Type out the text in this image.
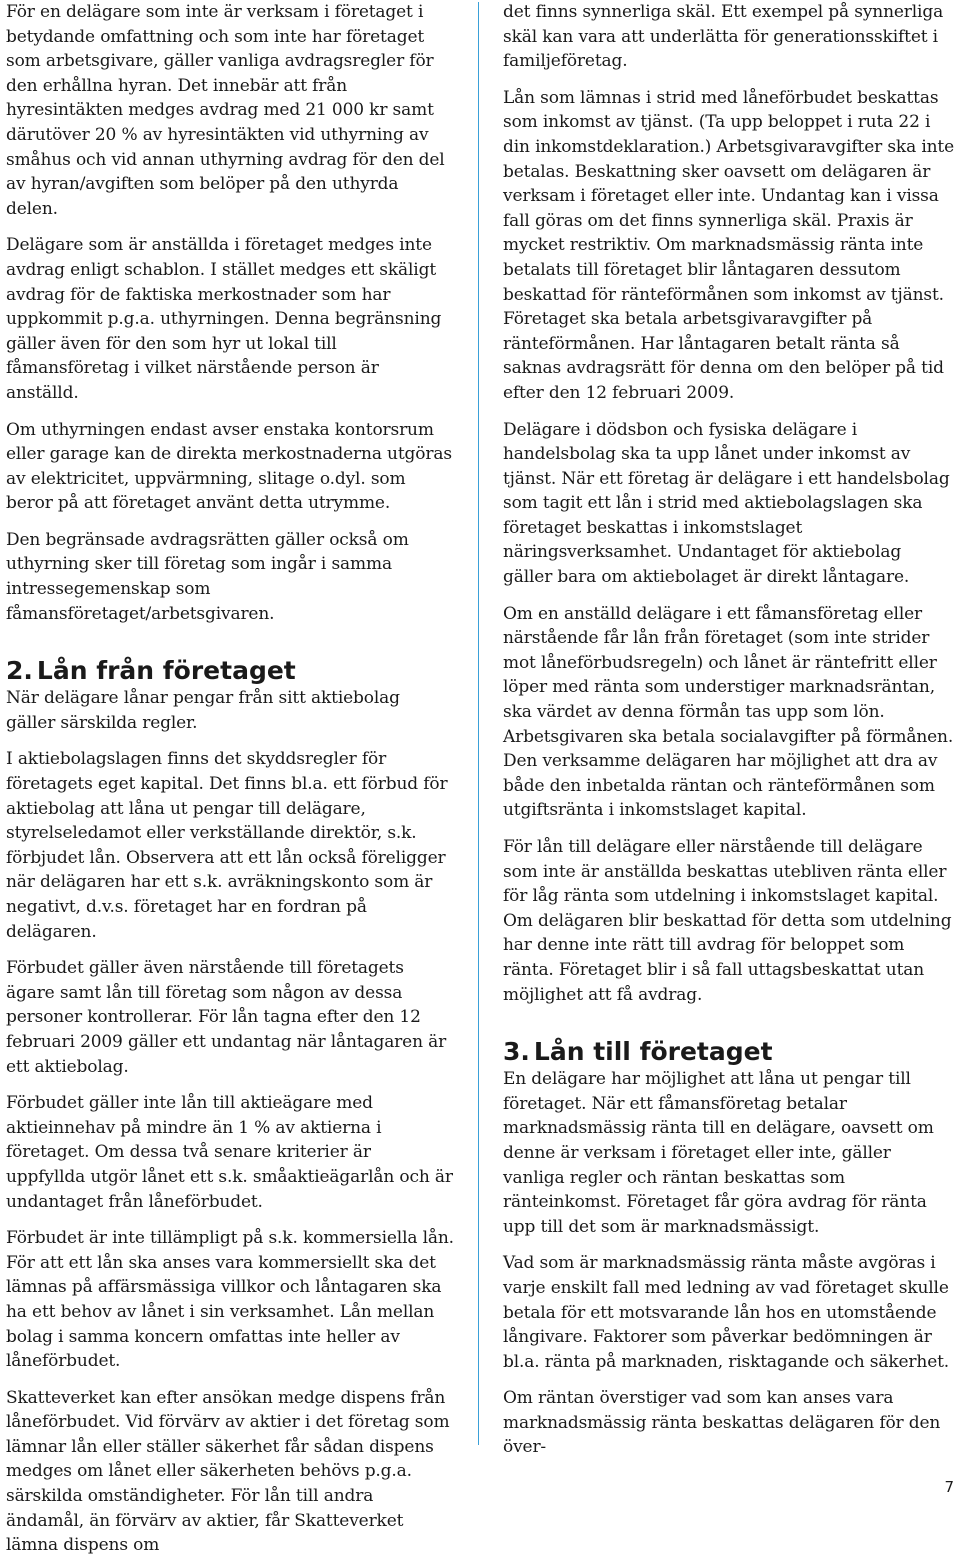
För en delägare som inte är verksam i företaget i betydande omfattning och som inte har företaget som arbetsgivare, gäller vanliga avdragsregler för den erhållna hyran. Det innebär att från hyresintäkten medges avdrag med 21 000 kr samt därutöver 20 % av hyresintäkten vid uthyrning av småhus och vid annan uthyrning avdrag för den del av hyran/avgiften som belöper på den uthyrda delen.

Delägare som är anställda i företaget medges inte avdrag enligt schablon. I stället medges ett skäligt avdrag för de faktiska merkostnader som har uppkommit p.g.a. uthyrningen. Denna begränsning gäller även för den som hyr ut lokal till fåmansföretag i vilket närstående person är anställd.

Om uthyrningen endast avser enstaka kontorsrum eller garage kan de direkta merkostnaderna utgöras av elektricitet, uppvärmning, slitage o.dyl. som beror på att företaget använt detta utrymme.

Den begränsade avdragsrätten gäller också om uthyrning sker till företag som ingår i samma intressegemenskap som fåmansföretaget/arbetsgivaren.

2. Lån från företaget

När delägare lånar pengar från sitt aktiebolag gäller särskilda regler.

I aktiebolagslagen finns det skyddsregler för företagets eget kapital. Det finns bl.a. ett förbud för aktiebolag att låna ut pengar till delägare, styrelseledamot eller verkställande direktör, s.k. förbjudet lån. Observera att ett lån också föreligger när delägaren har ett s.k. avräkningskonto som är negativt, d.v.s. företaget har en fordran på delägaren.

Förbudet gäller även närstående till företagets ägare samt lån till företag som någon av dessa personer kontrollerar. För lån tagna efter den 12 februari 2009 gäller ett undantag när låntagaren är ett aktiebolag.

Förbudet gäller inte lån till aktieägare med aktieinnehav på mindre än 1 % av aktierna i företaget. Om dessa två senare kriterier är uppfyllda utgör lånet ett s.k. småaktieägarlån och är undantaget från låneförbudet.

Förbudet är inte tillämpligt på s.k. kommersiella lån. För att ett lån ska anses vara kommersiellt ska det lämnas på affärsmässiga villkor och låntagaren ska ha ett behov av lånet i sin verksamhet. Lån mellan bolag i samma koncern omfattas inte heller av låneförbudet.

Skatteverket kan efter ansökan medge dispens från låneförbudet. Vid förvärv av aktier i det företag som lämnar lån eller ställer säkerhet får sådan dispens medges om lånet eller säkerheten behövs p.g.a. särskilda omständigheter. För lån till andra ändamål, än förvärv av aktier, får Skatteverket lämna dispens om

det finns synnerliga skäl. Ett exempel på synnerliga skäl kan vara att underlätta för generationsskiftet i familjeföretag.

Lån som lämnas i strid med låneförbudet beskattas som inkomst av tjänst. (Ta upp beloppet i ruta 22 i din inkomstdeklaration.) Arbetsgivaravgifter ska inte betalas. Beskattning sker oavsett om delägaren är verksam i företaget eller inte. Undantag kan i vissa fall göras om det finns synnerliga skäl. Praxis är mycket restriktiv. Om marknadsmässig ränta inte betalats till företaget blir låntagaren dessutom beskattad för ränteförmånen som inkomst av tjänst. Företaget ska betala arbetsgivaravgifter på ränteförmånen. Har låntagaren betalt ränta så saknas avdragsrätt för denna om den belöper på tid efter den 12 februari 2009.

Delägare i dödsbon och fysiska delägare i handelsbolag ska ta upp lånet under inkomst av tjänst. När ett företag är delägare i ett handelsbolag som tagit ett lån i strid med aktiebolagslagen ska företaget beskattas i inkomstslaget näringsverksamhet. Undantaget för aktiebolag gäller bara om aktiebolaget är direkt låntagare.

Om en anställd delägare i ett fåmansföretag eller närstående får lån från företaget (som inte strider mot låneförbudsregeln) och lånet är räntefritt eller löper med ränta som understiger marknadsräntan, ska värdet av denna förmån tas upp som lön. Arbetsgivaren ska betala socialavgifter på förmånen. Den verksamme delägaren har möjlighet att dra av både den inbetalda räntan och ränteförmånen som utgiftsränta i inkomstslaget kapital.

För lån till delägare eller närstående till delägare som inte är anställda beskattas utebliven ränta eller för låg ränta som utdelning i inkomstslaget kapital. Om delägaren blir beskattad för detta som utdelning har denne inte rätt till avdrag för beloppet som ränta. Företaget blir i så fall uttagsbeskattat utan möjlighet att få avdrag.

3. Lån till företaget

En delägare har möjlighet att låna ut pengar till företaget. När ett fåmansföretag betalar marknadsmässig ränta till en delägare, oavsett om denne är verksam i företaget eller inte, gäller vanliga regler och räntan beskattas som ränteinkomst. Företaget får göra avdrag för ränta upp till det som är marknadsmässigt.

Vad som är marknadsmässig ränta måste avgöras i varje enskilt fall med ledning av vad företaget skulle betala för ett motsvarande lån hos en utomstående långivare. Faktorer som påverkar bedömningen är bl.a. ränta på marknaden, risktagande och säkerhet.

Om räntan överstiger vad som kan anses vara marknadsmässig ränta beskattas delägaren för den över-

7
